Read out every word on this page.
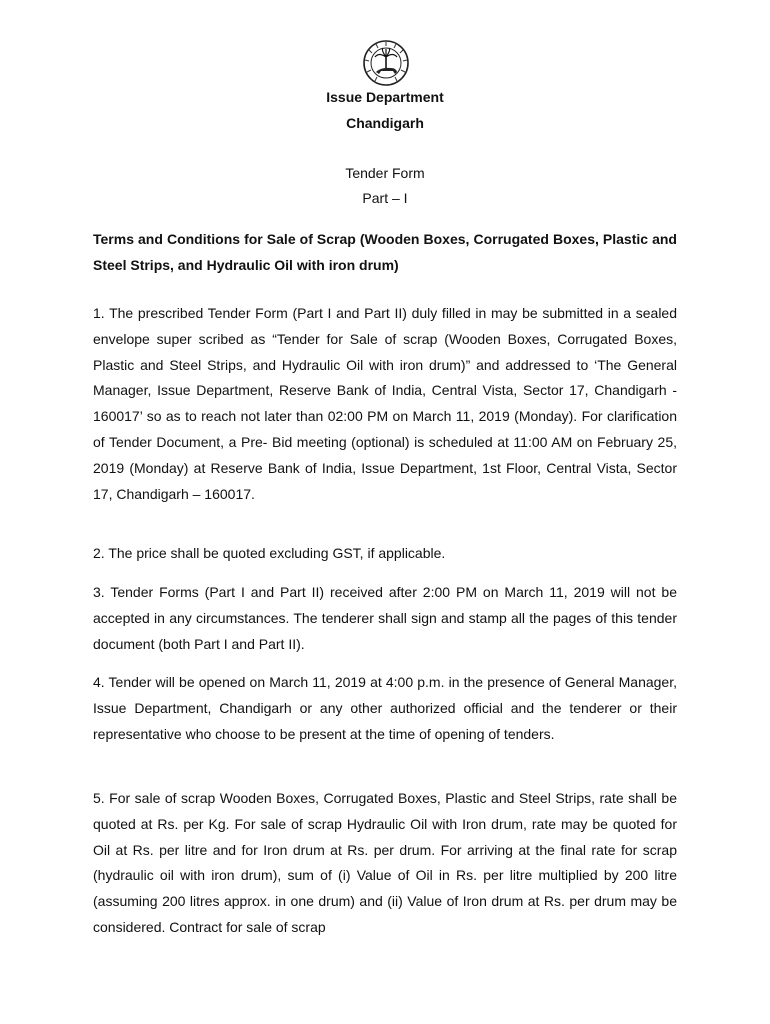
Issue Department
Chandigarh
Tender Form
Part – I

Terms and Conditions for Sale of Scrap (Wooden Boxes, Corrugated Boxes, Plastic and Steel Strips, and Hydraulic Oil with iron drum)

1. The prescribed Tender Form (Part I and Part II) duly filled in may be submitted in a sealed envelope super scribed as “Tender for Sale of scrap (Wooden Boxes, Corrugated Boxes, Plastic and Steel Strips, and Hydraulic Oil with iron drum)” and addressed to ‘The General Manager, Issue Department, Reserve Bank of India, Central Vista, Sector 17, Chandigarh - 160017’ so as to reach not later than 02:00 PM on March 11, 2019 (Monday). For clarification of Tender Document, a Pre- Bid meeting (optional) is scheduled at 11:00 AM on February 25, 2019 (Monday) at Reserve Bank of India, Issue Department, 1st Floor, Central Vista, Sector 17, Chandigarh – 160017.

2. The price shall be quoted excluding GST, if applicable.

3. Tender Forms (Part I and Part II) received after 2:00 PM on March 11, 2019 will not be accepted in any circumstances. The tenderer shall sign and stamp all the pages of this tender document (both Part I and Part II).

4. Tender will be opened on March 11, 2019 at 4:00 p.m. in the presence of General Manager, Issue Department, Chandigarh or any other authorized official and the tenderer or their representative who choose to be present at the time of opening of tenders.

5. For sale of scrap Wooden Boxes, Corrugated Boxes, Plastic and Steel Strips, rate shall be quoted at Rs. per Kg. For sale of scrap Hydraulic Oil with Iron drum, rate may be quoted for Oil at Rs. per litre and for Iron drum at Rs. per drum. For arriving at the final rate for scrap (hydraulic oil with iron drum), sum of (i) Value of Oil in Rs. per litre multiplied by 200 litre (assuming 200 litres approx. in one drum) and (ii) Value of Iron drum at Rs. per drum may be considered. Contract for sale of scrap
